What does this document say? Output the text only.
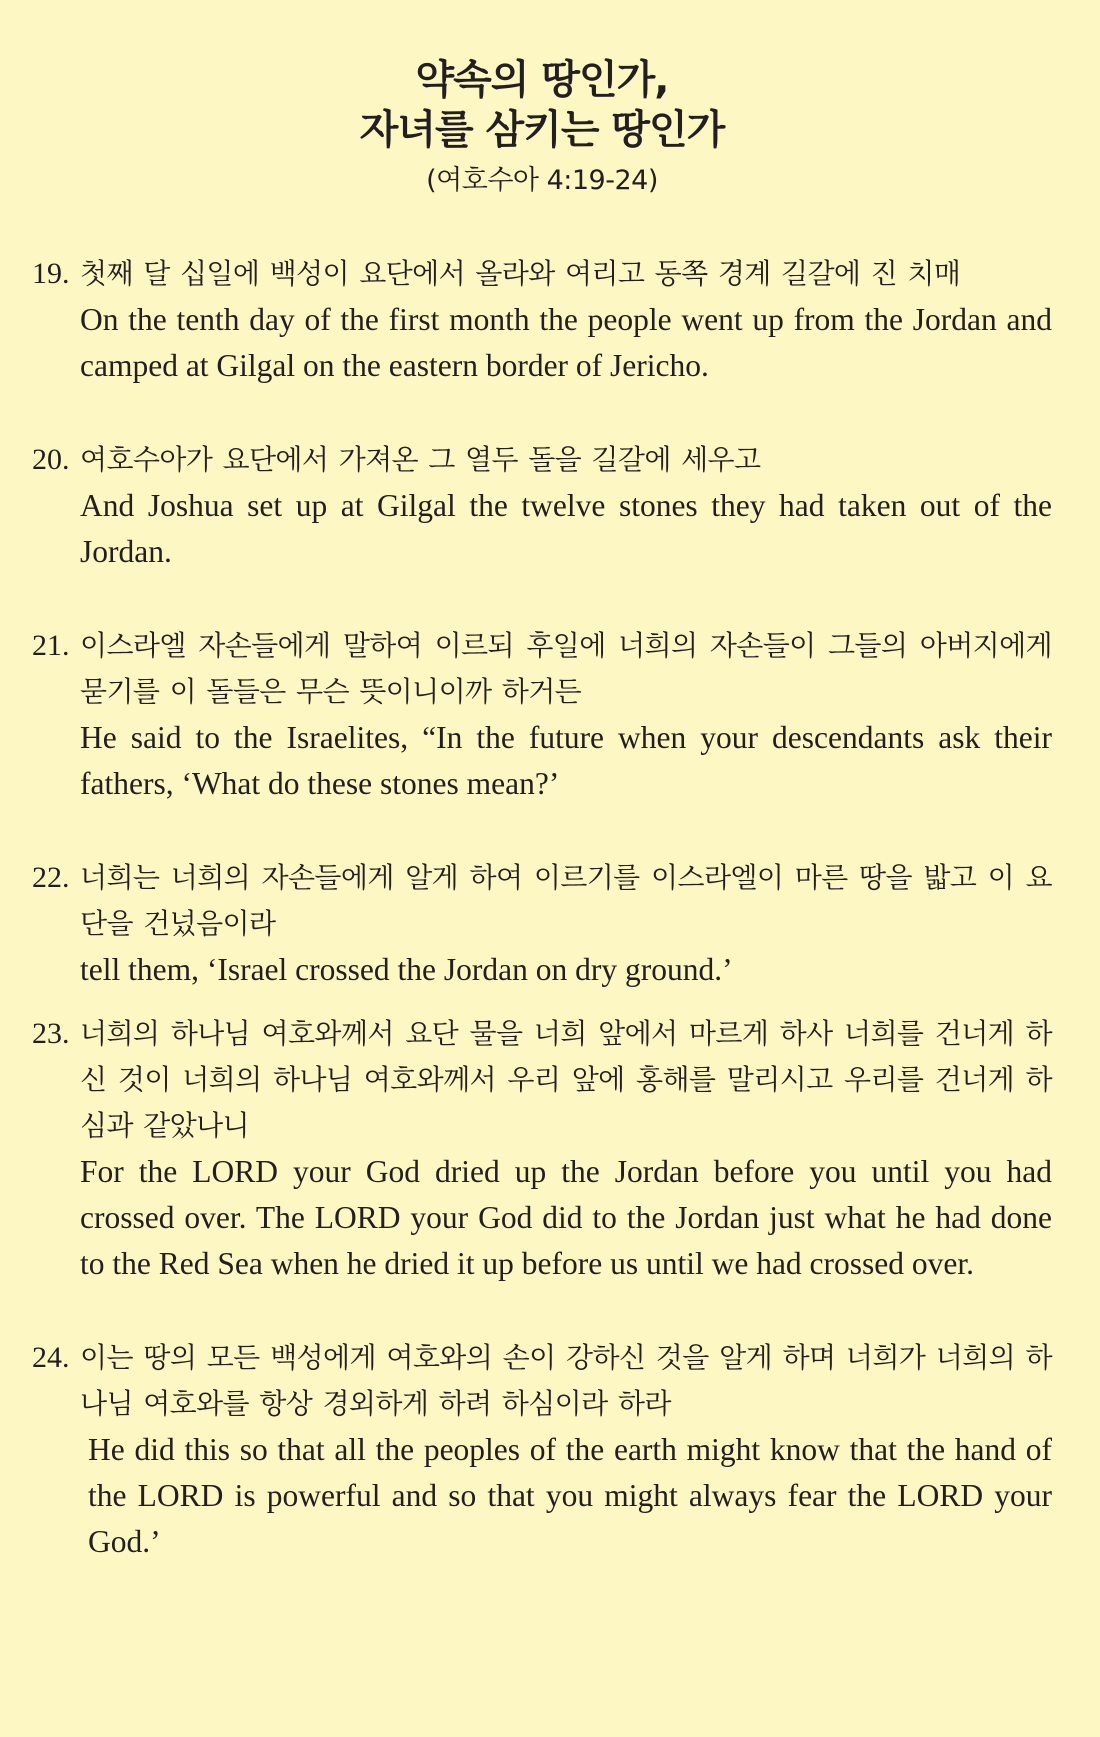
약속의 땅인가,
자녀를 삼키는 땅인가
(여호수아 4:19-24)
19. 첫째 달 십일에 백성이 요단에서 올라와 여리고 동쪽 경계 길갈에 진 치매
On the tenth day of the first month the people went up from the Jordan and camped at Gilgal on the eastern border of Jericho.
20. 여호수아가 요단에서 가져온 그 열두 돌을 길갈에 세우고
And Joshua set up at Gilgal the twelve stones they had taken out of the Jordan.
21. 이스라엘 자손들에게 말하여 이르되 후일에 너희의 자손들이 그들의 아버지에게 묻기를 이 돌들은 무슨 뜻이니이까 하거든
He said to the Israelites, “In the future when your descendants ask their fathers, ‘What do these stones mean?’
22. 너희는 너희의 자손들에게 알게 하여 이르기를 이스라엘이 마른 땅을 밟고 이 요단을 건넜음이라
tell them, ‘Israel crossed the Jordan on dry ground.’
23. 너희의 하나님 여호와께서 요단 물을 너희 앞에서 마르게 하사 너희를 건너게 하신 것이 너희의 하나님 여호와께서 우리 앞에 홍해를 말리시고 우리를 건너게 하심과 같았나니
For the LORD your God dried up the Jordan before you until you had crossed over. The LORD your God did to the Jordan just what he had done to the Red Sea when he dried it up before us until we had crossed over.
24. 이는 땅의 모든 백성에게 여호와의 손이 강하신 것을 알게 하며 너희가 너희의 하나님 여호와를 항상 경외하게 하려 하심이라 하라
He did this so that all the peoples of the earth might know that the hand of the LORD is powerful and so that you might always fear the LORD your God.’
